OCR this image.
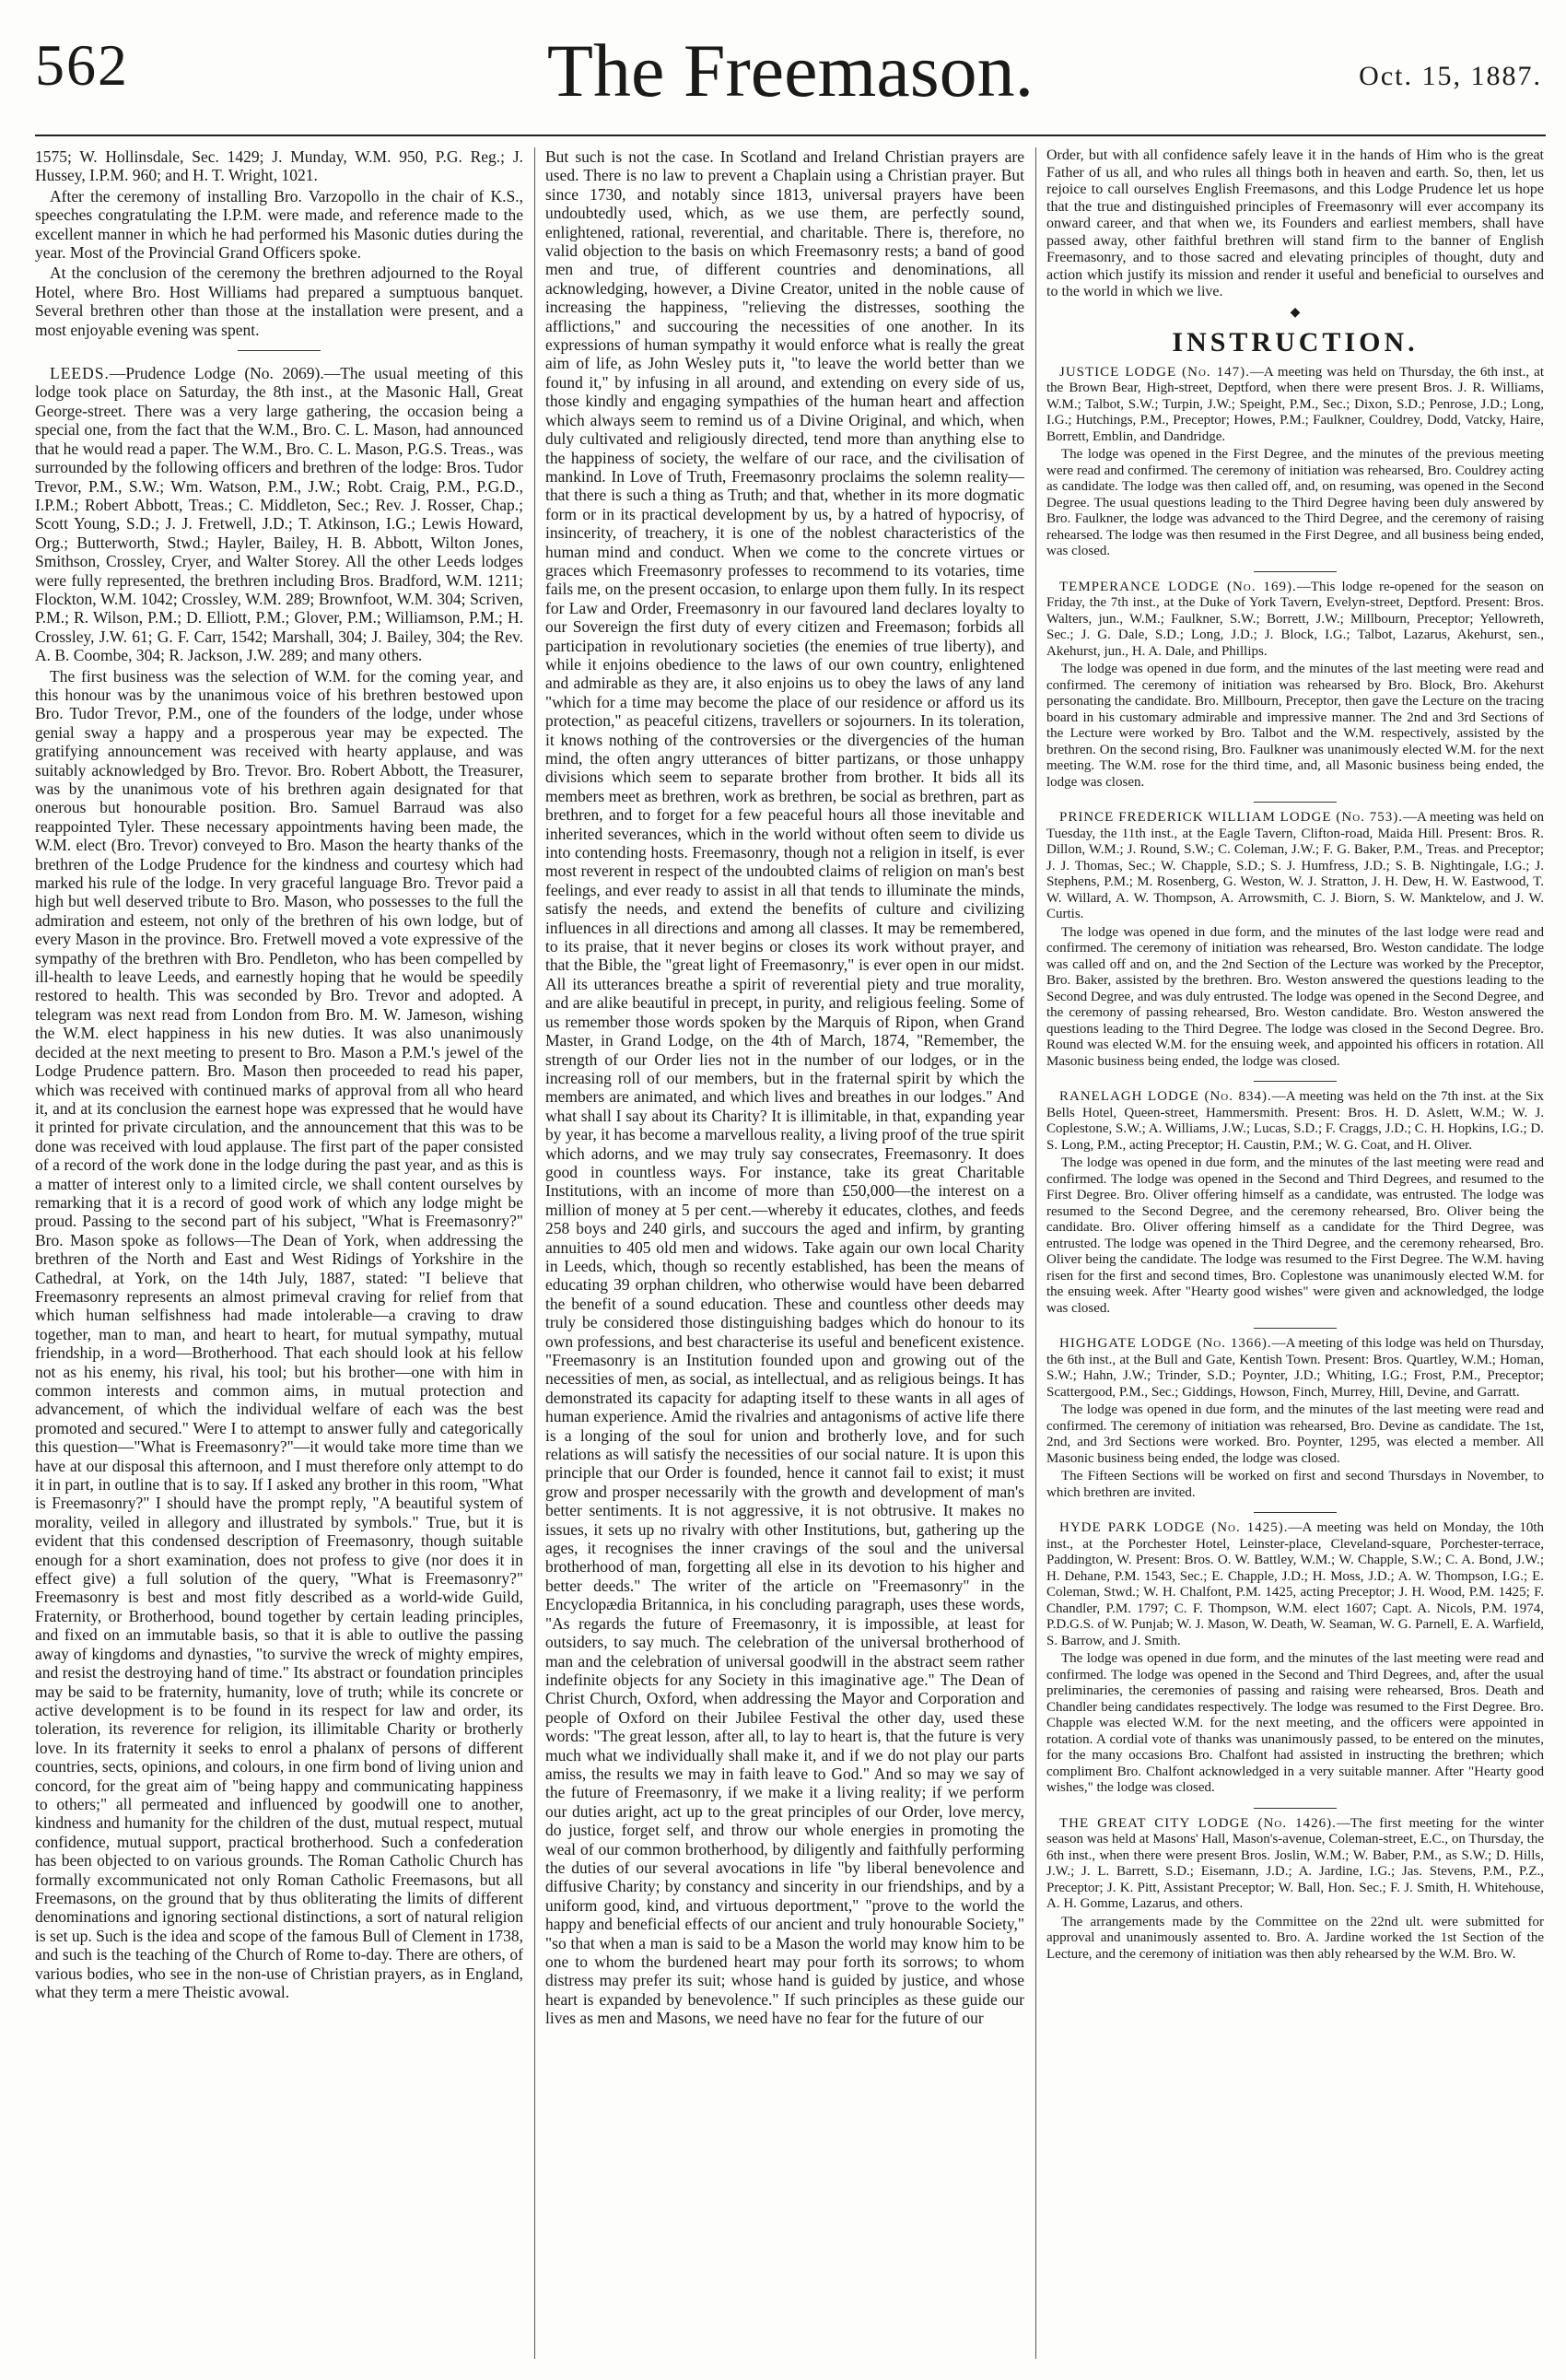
562	The Freemason.	Oct. 15, 1887.

1575; W. Hollinsdale, Sec. 1429; J. Munday, W.M. 950, P.G. Reg.; J. Hussey, I.P.M. 960; and H. T. Wright, 1021.

After the ceremony of installing Bro. Varzopollo in the chair of K.S., speeches congratulating the I.P.M. were made, and reference made to the excellent manner in which he had performed his Masonic duties during the year. Most of the Provincial Grand Officers spoke.

At the conclusion of the ceremony the brethren adjourned to the Royal Hotel, where Bro. Host Williams had prepared a sumptuous banquet. Several brethren other than those at the installation were present, and a most enjoyable evening was spent.

LEEDS.—Prudence Lodge (No. 2069).—The usual meeting of this lodge took place on Saturday, the 8th inst., at the Masonic Hall, Great George-street. There was a very large gathering, the occasion being a special one, from the fact that the W.M., Bro. C. L. Mason, had announced that he would read a paper. The W.M., Bro. C. L. Mason, P.G.S. Treas., was surrounded by the following officers and brethren of the lodge: Bros. Tudor Trevor, P.M., S.W.; Wm. Watson, P.M., J.W.; Robt. Craig, P.M., P.G.D., I.P.M.; Robert Abbott, Treas.; C. Middleton, Sec.; Rev. J. Rosser, Chap.; Scott Young, S.D.; J. J. Fretwell, J.D.; T. Atkinson, I.G.; Lewis Howard, Org.; Butterworth, Stwd.; Hayler, Bailey, H. B. Abbott, Wilton Jones, Smithson, Crossley, Cryer, and Walter Storey. All the other Leeds lodges were fully represented, the brethren including Bros. Bradford, W.M. 1211; Flockton, W.M. 1042; Crossley, W.M. 289; Brownfoot, W.M. 304; Scriven, P.M.; R. Wilson, P.M.; D. Elliott, P.M.; Glover, P.M.; Williamson, P.M.; H. Crossley, J.W. 61; G. F. Carr, 1542; Marshall, 304; J. Bailey, 304; the Rev. A. B. Coombe, 304; R. Jackson, J.W. 289; and many others.

The first business was the selection of W.M. for the coming year, and this honour was by the unanimous voice of his brethren bestowed upon Bro. Tudor Trevor, P.M., one of the founders of the lodge, under whose genial sway a happy and a prosperous year may be expected. The gratifying announcement was received with hearty applause, and was suitably acknowledged by Bro. Trevor. Bro. Robert Abbott, the Treasurer, was by the unanimous vote of his brethren again designated for that onerous but honourable position. Bro. Samuel Barraud was also reappointed Tyler. These necessary appointments having been made, the W.M. elect (Bro. Trevor) conveyed to Bro. Mason the hearty thanks of the brethren of the Lodge Prudence for the kindness and courtesy which had marked his rule of the lodge. In very graceful language Bro. Trevor paid a high but well deserved tribute to Bro. Mason, who possesses to the full the admiration and esteem, not only of the brethren of his own lodge, but of every Mason in the province. Bro. Fretwell moved a vote expressive of the sympathy of the brethren with Bro. Pendleton, who has been compelled by ill-health to leave Leeds, and earnestly hoping that he would be speedily restored to health. This was seconded by Bro. Trevor and adopted. A telegram was next read from London from Bro. M. W. Jameson, wishing the W.M. elect happiness in his new duties. It was also unanimously decided at the next meeting to present to Bro. Mason a P.M.'s jewel of the Lodge Prudence pattern. Bro. Mason then proceeded to read his paper, which was received with continued marks of approval from all who heard it, and at its conclusion the earnest hope was expressed that he would have it printed for private circulation, and the announcement that this was to be done was received with loud applause. The first part of the paper consisted of a record of the work done in the lodge during the past year, and as this is a matter of interest only to a limited circle, we shall content ourselves by remarking that it is a record of good work of which any lodge might be proud. Passing to the second part of his subject, "What is Freemasonry?" Bro. Mason spoke as follows—The Dean of York, when addressing the brethren of the North and East and West Ridings of Yorkshire in the Cathedral, at York, on the 14th July, 1887, stated: "I believe that Freemasonry represents an almost primeval craving for relief from that which human selfishness had made intolerable—a craving to draw together, man to man, and heart to heart, for mutual sympathy, mutual friendship, in a word—Brotherhood. That each should look at his fellow not as his enemy, his rival, his tool; but his brother—one with him in common interests and common aims, in mutual protection and advancement, of which the individual welfare of each was the best promoted and secured." Were I to attempt to answer fully and categorically this question—"What is Freemasonry?"—it would take more time than we have at our disposal this afternoon, and I must therefore only attempt to do it in part, in outline that is to say. If I asked any brother in this room, "What is Freemasonry?" I should have the prompt reply, "A beautiful system of morality, veiled in allegory and illustrated by symbols." True, but it is evident that this condensed description of Freemasonry, though suitable enough for a short examination, does not profess to give (nor does it in effect give) a full solution of the query, "What is Freemasonry?" Freemasonry is best and most fitly described as a world-wide Guild, Fraternity, or Brotherhood, bound together by certain leading principles, and fixed on an immutable basis, so that it is able to outlive the passing away of kingdoms and dynasties, "to survive the wreck of mighty empires, and resist the destroying hand of time." Its abstract or foundation principles may be said to be fraternity, humanity, love of truth; while its concrete or active development is to be found in its respect for law and order, its toleration, its reverence for religion, its illimitable Charity or brotherly love. In its fraternity it seeks to enrol a phalanx of persons of different countries, sects, opinions, and colours, in one firm bond of living union and concord, for the great aim of "being happy and communicating happiness to others;" all permeated and influenced by goodwill one to another, kindness and humanity for the children of the dust, mutual respect, mutual confidence, mutual support, practical brotherhood. Such a confederation has been objected to on various grounds. The Roman Catholic Church has formally excommunicated not only Roman Catholic Freemasons, but all Freemasons, on the ground that by thus obliterating the limits of different denominations and ignoring sectional distinctions, a sort of natural religion is set up. Such is the idea and scope of the famous Bull of Clement in 1738, and such is the teaching of the Church of Rome to-day. There are others, of various bodies, who see in the non-use of Christian prayers, as in England, what they term a mere Theistic avowal.

But such is not the case. In Scotland and Ireland Christian prayers are used. There is no law to prevent a Chaplain using a Christian prayer. But since 1730, and notably since 1813, universal prayers have been undoubtedly used, which, as we use them, are perfectly sound, enlightened, rational, reverential, and charitable. There is, therefore, no valid objection to the basis on which Freemasonry rests; a band of good men and true, of different countries and denominations, all acknowledging, however, a Divine Creator, united in the noble cause of increasing the happiness, "relieving the distresses, soothing the afflictions," and succouring the necessities of one another. In its expressions of human sympathy it would enforce what is really the great aim of life, as John Wesley puts it, "to leave the world better than we found it," by infusing in all around, and extending on every side of us, those kindly and engaging sympathies of the human heart and affection which always seem to remind us of a Divine Original, and which, when duly cultivated and religiously directed, tend more than anything else to the happiness of society, the welfare of our race, and the civilisation of mankind. In Love of Truth, Freemasonry proclaims the solemn reality—that there is such a thing as Truth; and that, whether in its more dogmatic form or in its practical development by us, by a hatred of hypocrisy, of insincerity, of treachery, it is one of the noblest characteristics of the human mind and conduct. When we come to the concrete virtues or graces which Freemasonry professes to recommend to its votaries, time fails me, on the present occasion, to enlarge upon them fully. In its respect for Law and Order, Freemasonry in our favoured land declares loyalty to our Sovereign the first duty of every citizen and Freemason; forbids all participation in revolutionary societies (the enemies of true liberty), and while it enjoins obedience to the laws of our own country, enlightened and admirable as they are, it also enjoins us to obey the laws of any land "which for a time may become the place of our residence or afford us its protection," as peaceful citizens, travellers or sojourners. In its toleration, it knows nothing of the controversies or the divergencies of the human mind, the often angry utterances of bitter partizans, or those unhappy divisions which seem to separate brother from brother. It bids all its members meet as brethren, work as brethren, be social as brethren, part as brethren, and to forget for a few peaceful hours all those inevitable and inherited severances, which in the world without often seem to divide us into contending hosts. Freemasonry, though not a religion in itself, is ever most reverent in respect of the undoubted claims of religion on man's best feelings, and ever ready to assist in all that tends to illuminate the minds, satisfy the needs, and extend the benefits of culture and civilizing influences in all directions and among all classes. It may be remembered, to its praise, that it never begins or closes its work without prayer, and that the Bible, the "great light of Freemasonry," is ever open in our midst. All its utterances breathe a spirit of reverential piety and true morality, and are alike beautiful in precept, in purity, and religious feeling. Some of us remember those words spoken by the Marquis of Ripon, when Grand Master, in Grand Lodge, on the 4th of March, 1874, "Remember, the strength of our Order lies not in the number of our lodges, or in the increasing roll of our members, but in the fraternal spirit by which the members are animated, and which lives and breathes in our lodges." And what shall I say about its Charity? It is illimitable, in that, expanding year by year, it has become a marvellous reality, a living proof of the true spirit which adorns, and we may truly say consecrates, Freemasonry. It does good in countless ways. For instance, take its great Charitable Institutions, with an income of more than £50,000—the interest on a million of money at 5 per cent.—whereby it educates, clothes, and feeds 258 boys and 240 girls, and succours the aged and infirm, by granting annuities to 405 old men and widows. Take again our own local Charity in Leeds, which, though so recently established, has been the means of educating 39 orphan children, who otherwise would have been debarred the benefit of a sound education. These and countless other deeds may truly be considered those distinguishing badges which do honour to its own professions, and best characterise its useful and beneficent existence. "Freemasonry is an Institution founded upon and growing out of the necessities of men, as social, as intellectual, and as religious beings. It has demonstrated its capacity for adapting itself to these wants in all ages of human experience. Amid the rivalries and antagonisms of active life there is a longing of the soul for union and brotherly love, and for such relations as will satisfy the necessities of our social nature. It is upon this principle that our Order is founded, hence it cannot fail to exist; it must grow and prosper necessarily with the growth and development of man's better sentiments. It is not aggressive, it is not obtrusive. It makes no issues, it sets up no rivalry with other Institutions, but, gathering up the ages, it recognises the inner cravings of the soul and the universal brotherhood of man, forgetting all else in its devotion to his higher and better deeds." The writer of the article on "Freemasonry" in the Encyclopædia Britannica, in his concluding paragraph, uses these words, "As regards the future of Freemasonry, it is impossible, at least for outsiders, to say much. The celebration of the universal brotherhood of man and the celebration of universal goodwill in the abstract seem rather indefinite objects for any Society in this imaginative age." The Dean of Christ Church, Oxford, when addressing the Mayor and Corporation and people of Oxford on their Jubilee Festival the other day, used these words: "The great lesson, after all, to lay to heart is, that the future is very much what we individually shall make it, and if we do not play our parts amiss, the results we may in faith leave to God." And so may we say of the future of Freemasonry, if we make it a living reality; if we perform our duties aright, act up to the great principles of our Order, love mercy, do justice, forget self, and throw our whole energies in promoting the weal of our common brotherhood, by diligently and faithfully performing the duties of our several avocations in life "by liberal benevolence and diffusive Charity; by constancy and sincerity in our friendships, and by a uniform good, kind, and virtuous deportment," "prove to the world the happy and beneficial effects of our ancient and truly honourable Society," "so that when a man is said to be a Mason the world may know him to be one to whom the burdened heart may pour forth its sorrows; to whom distress may prefer its suit; whose hand is guided by justice, and whose heart is expanded by benevolence." If such principles as these guide our lives as men and Masons, we need have no fear for the future of our

Order, but with all confidence safely leave it in the hands of Him who is the great Father of us all, and who rules all things both in heaven and earth. So, then, let us rejoice to call ourselves English Freemasons, and this Lodge Prudence let us hope that the true and distinguished principles of Freemasonry will ever accompany its onward career, and that when we, its Founders and earliest members, shall have passed away, other faithful brethren will stand firm to the banner of English Freemasonry, and to those sacred and elevating principles of thought, duty and action which justify its mission and render it useful and beneficial to ourselves and to the world in which we live.

◆
INSTRUCTION.

JUSTICE LODGE (No. 147).—A meeting was held on Thursday, the 6th inst., at the Brown Bear, High-street, Deptford, when there were present Bros. J. R. Williams, W.M.; Talbot, S.W.; Turpin, J.W.; Speight, P.M., Sec.; Dixon, S.D.; Penrose, J.D.; Long, I.G.; Hutchings, P.M., Preceptor; Howes, P.M.; Faulkner, Couldrey, Dodd, Vatcky, Haire, Borrett, Emblin, and Dandridge.

The lodge was opened in the First Degree, and the minutes of the previous meeting were read and confirmed. The ceremony of initiation was rehearsed, Bro. Couldrey acting as candidate. The lodge was then called off, and, on resuming, was opened in the Second Degree. The usual questions leading to the Third Degree having been duly answered by Bro. Faulkner, the lodge was advanced to the Third Degree, and the ceremony of raising rehearsed. The lodge was then resumed in the First Degree, and all business being ended, was closed.

TEMPERANCE LODGE (No. 169).—This lodge re-opened for the season on Friday, the 7th inst., at the Duke of York Tavern, Evelyn-street, Deptford. Present: Bros. Walters, jun., W.M.; Faulkner, S.W.; Borrett, J.W.; Millbourn, Preceptor; Yellowreth, Sec.; J. G. Dale, S.D.; Long, J.D.; J. Block, I.G.; Talbot, Lazarus, Akehurst, sen., Akehurst, jun., H. A. Dale, and Phillips.

The lodge was opened in due form, and the minutes of the last meeting were read and confirmed. The ceremony of initiation was rehearsed by Bro. Block, Bro. Akehurst personating the candidate. Bro. Millbourn, Preceptor, then gave the Lecture on the tracing board in his customary admirable and impressive manner. The 2nd and 3rd Sections of the Lecture were worked by Bro. Talbot and the W.M. respectively, assisted by the brethren. On the second rising, Bro. Faulkner was unanimously elected W.M. for the next meeting. The W.M. rose for the third time, and, all Masonic business being ended, the lodge was closen.

PRINCE FREDERICK WILLIAM LODGE (No. 753).—A meeting was held on Tuesday, the 11th inst., at the Eagle Tavern, Clifton-road, Maida Hill. Present: Bros. R. Dillon, W.M.; J. Round, S.W.; C. Coleman, J.W.; F. G. Baker, P.M., Treas. and Preceptor; J. J. Thomas, Sec.; W. Chapple, S.D.; S. J. Humfress, J.D.; S. B. Nightingale, I.G.; J. Stephens, P.M.; M. Rosenberg, G. Weston, W. J. Stratton, J. H. Dew, H. W. Eastwood, T. W. Willard, A. W. Thompson, A. Arrowsmith, C. J. Biorn, S. W. Manktelow, and J. W. Curtis.

The lodge was opened in due form, and the minutes of the last lodge were read and confirmed. The ceremony of initiation was rehearsed, Bro. Weston candidate. The lodge was called off and on, and the 2nd Section of the Lecture was worked by the Preceptor, Bro. Baker, assisted by the brethren. Bro. Weston answered the questions leading to the Second Degree, and was duly entrusted. The lodge was opened in the Second Degree, and the ceremony of passing rehearsed, Bro. Weston candidate. Bro. Weston answered the questions leading to the Third Degree. The lodge was closed in the Second Degree. Bro. Round was elected W.M. for the ensuing week, and appointed his officers in rotation. All Masonic business being ended, the lodge was closed.

RANELAGH LODGE (No. 834).—A meeting was held on the 7th inst. at the Six Bells Hotel, Queen-street, Hammersmith. Present: Bros. H. D. Aslett, W.M.; W. J. Coplestone, S.W.; A. Williams, J.W.; Lucas, S.D.; F. Craggs, J.D.; C. H. Hopkins, I.G.; D. S. Long, P.M., acting Preceptor; H. Caustin, P.M.; W. G. Coat, and H. Oliver.

The lodge was opened in due form, and the minutes of the last meeting were read and confirmed. The lodge was opened in the Second and Third Degrees, and resumed to the First Degree. Bro. Oliver offering himself as a candidate, was entrusted. The lodge was resumed to the Second Degree, and the ceremony rehearsed, Bro. Oliver being the candidate. Bro. Oliver offering himself as a candidate for the Third Degree, was entrusted. The lodge was opened in the Third Degree, and the ceremony rehearsed, Bro. Oliver being the candidate. The lodge was resumed to the First Degree. The W.M. having risen for the first and second times, Bro. Coplestone was unanimously elected W.M. for the ensuing week. After "Hearty good wishes" were given and acknowledged, the lodge was closed.

HIGHGATE LODGE (No. 1366).—A meeting of this lodge was held on Thursday, the 6th inst., at the Bull and Gate, Kentish Town. Present: Bros. Quartley, W.M.; Homan, S.W.; Hahn, J.W.; Trinder, S.D.; Poynter, J.D.; Whiting, I.G.; Frost, P.M., Preceptor; Scattergood, P.M., Sec.; Giddings, Howson, Finch, Murrey, Hill, Devine, and Garratt.

The lodge was opened in due form, and the minutes of the last meeting were read and confirmed. The ceremony of initiation was rehearsed, Bro. Devine as candidate. The 1st, 2nd, and 3rd Sections were worked. Bro. Poynter, 1295, was elected a member. All Masonic business being ended, the lodge was closed.

The Fifteen Sections will be worked on first and second Thursdays in November, to which brethren are invited.

HYDE PARK LODGE (No. 1425).—A meeting was held on Monday, the 10th inst., at the Porchester Hotel, Leinster-place, Cleveland-square, Porchester-terrace, Paddington, W. Present: Bros. O. W. Battley, W.M.; W. Chapple, S.W.; C. A. Bond, J.W.; H. Dehane, P.M. 1543, Sec.; E. Chapple, J.D.; H. Moss, J.D.; A. W. Thompson, I.G.; E. Coleman, Stwd.; W. H. Chalfont, P.M. 1425, acting Preceptor; J. H. Wood, P.M. 1425; F. Chandler, P.M. 1797; C. F. Thompson, W.M. elect 1607; Capt. A. Nicols, P.M. 1974, P.D.G.S. of W. Punjab; W. J. Mason, W. Death, W. Seaman, W. G. Parnell, E. A. Warfield, S. Barrow, and J. Smith.

The lodge was opened in due form, and the minutes of the last meeting were read and confirmed. The lodge was opened in the Second and Third Degrees, and, after the usual preliminaries, the ceremonies of passing and raising were rehearsed, Bros. Death and Chandler being candidates respectively. The lodge was resumed to the First Degree. Bro. Chapple was elected W.M. for the next meeting, and the officers were appointed in rotation. A cordial vote of thanks was unanimously passed, to be entered on the minutes, for the many occasions Bro. Chalfont had assisted in instructing the brethren; which compliment Bro. Chalfont acknowledged in a very suitable manner. After "Hearty good wishes," the lodge was closed.

THE GREAT CITY LODGE (No. 1426).—The first meeting for the winter season was held at Masons' Hall, Mason's-avenue, Coleman-street, E.C., on Thursday, the 6th inst., when there were present Bros. Joslin, W.M.; W. Baber, P.M., as S.W.; D. Hills, J.W.; J. L. Barrett, S.D.; Eisemann, J.D.; A. Jardine, I.G.; Jas. Stevens, P.M., P.Z., Preceptor; J. K. Pitt, Assistant Preceptor; W. Ball, Hon. Sec.; F. J. Smith, H. Whitehouse, A. H. Gomme, Lazarus, and others.

The arrangements made by the Committee on the 22nd ult. were submitted for approval and unanimously assented to. Bro. A. Jardine worked the 1st Section of the Lecture, and the ceremony of initiation was then ably rehearsed by the W.M. Bro. W.
